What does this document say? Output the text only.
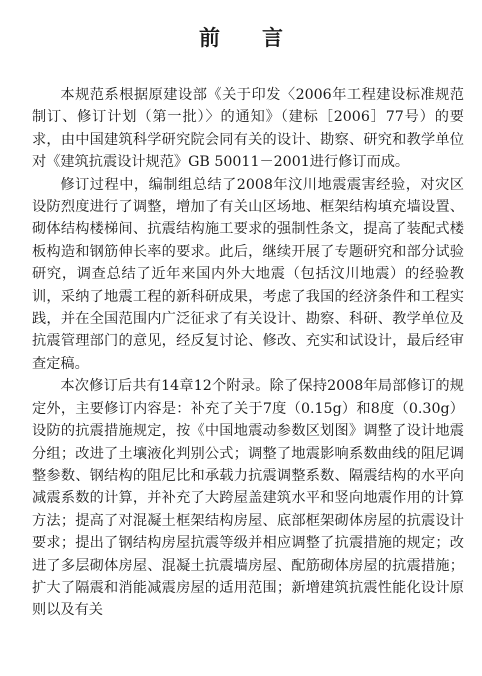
前　　言

本规范系根据原建设部《关于印发〈2006年工程建设标准规范制订、修订计划（第一批）〉的通知》（建标［2006］77号）的要求，由中国建筑科学研究院会同有关的设计、勘察、研究和教学单位对《建筑抗震设计规范》GB 50011－2001进行修订而成。

修订过程中，编制组总结了2008年汶川地震震害经验，对灾区设防烈度进行了调整，增加了有关山区场地、框架结构填充墙设置、砌体结构楼梯间、抗震结构施工要求的强制性条文，提高了装配式楼板构造和钢筋伸长率的要求。此后，继续开展了专题研究和部分试验研究，调查总结了近年来国内外大地震（包括汶川地震）的经验教训，采纳了地震工程的新科研成果，考虑了我国的经济条件和工程实践，并在全国范围内广泛征求了有关设计、勘察、科研、教学单位及抗震管理部门的意见，经反复讨论、修改、充实和试设计，最后经审查定稿。

本次修订后共有14章12个附录。除了保持2008年局部修订的规定外，主要修订内容是：补充了关于7度（0.15g）和8度（0.30g）设防的抗震措施规定，按《中国地震动参数区划图》调整了设计地震分组；改进了土壤液化判别公式；调整了地震影响系数曲线的阻尼调整参数、钢结构的阻尼比和承载力抗震调整系数、隔震结构的水平向减震系数的计算，并补充了大跨屋盖建筑水平和竖向地震作用的计算方法；提高了对混凝土框架结构房屋、底部框架砌体房屋的抗震设计要求；提出了钢结构房屋抗震等级并相应调整了抗震措施的规定；改进了多层砌体房屋、混凝土抗震墙房屋、配筋砌体房屋的抗震措施；扩大了隔震和消能减震房屋的适用范围；新增建筑抗震性能化设计原则以及有关
